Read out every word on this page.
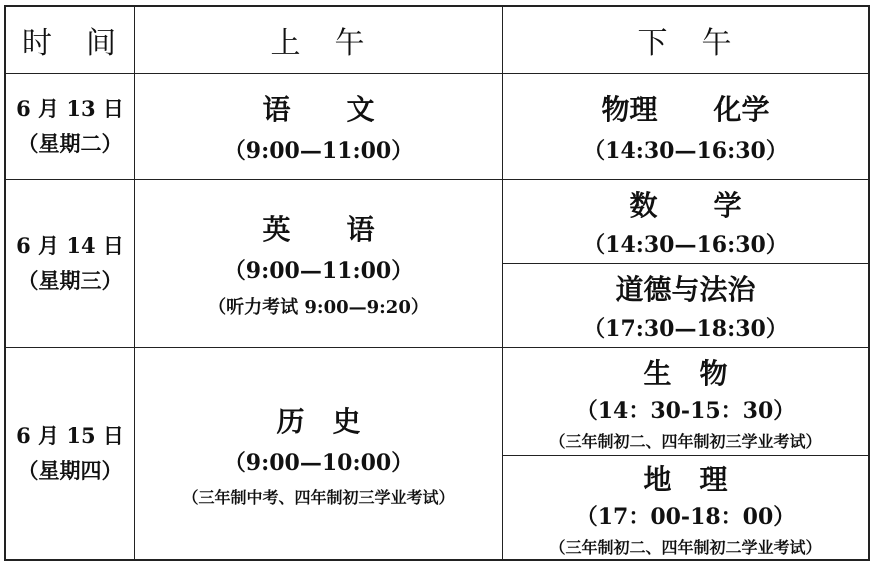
时　间	上　午	下　午
6 月 13 日
（星期二）
语　　文
（9:00—11:00）
物理　　化学
（14:30—16:30）
6 月 14 日
（星期三）
英　　语
（9:00—11:00）
（听力考试 9:00—9:20）
数　　学
（14:30—16:30）
道德与法治
（17:30—18:30）
6 月 15 日
（星期四）
历　史
（9:00—10:00）
（三年制中考、四年制初三学业考试）
生　物
（14：30-15：30）
（三年制初二、四年制初三学业考试）
地　理
（17：00-18：00）
（三年制初二、四年制初二学业考试）
